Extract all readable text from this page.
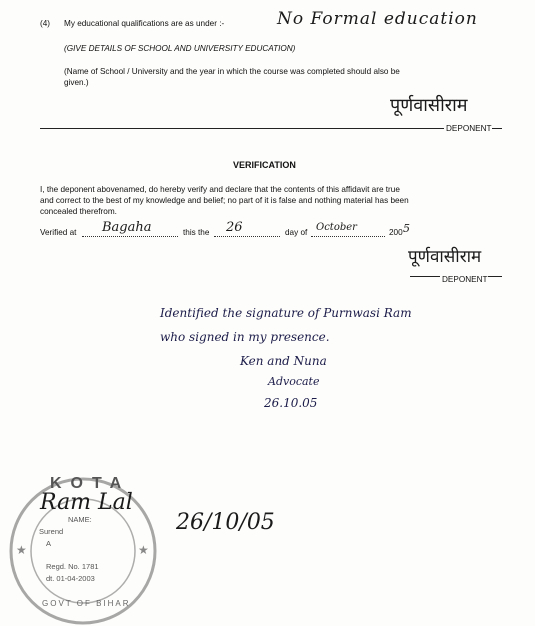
(4) My educational qualifications are as under :-	No Formal education
(GIVE DETAILS OF SCHOOL AND UNIVERSITY EDUCATION)
(Name of School / University and the year in which the course was completed should also be
given.)
पूर्णवासीराम
DEPONENT
VERIFICATION
I, the deponent abovenamed, do hereby verify and declare that the contents of this affidavit are true
and correct to the best of my knowledge and belief; no part of it is false and nothing material has been
concealed therefrom.
Verified at Bagaha	this the 26	day of October	200 5
पूर्णवासीराम
DEPONENT
Identified the signature of Purnwasi Ram
who signed in my presence.
Ken and Nuna
Advocate
26.10.05
★
★
KOTA
NAME:
Surend
A
Regd. No. 1781
dt. 01-04-2003
GOVT OF BIHAR
Ram Lal
26/10/05
